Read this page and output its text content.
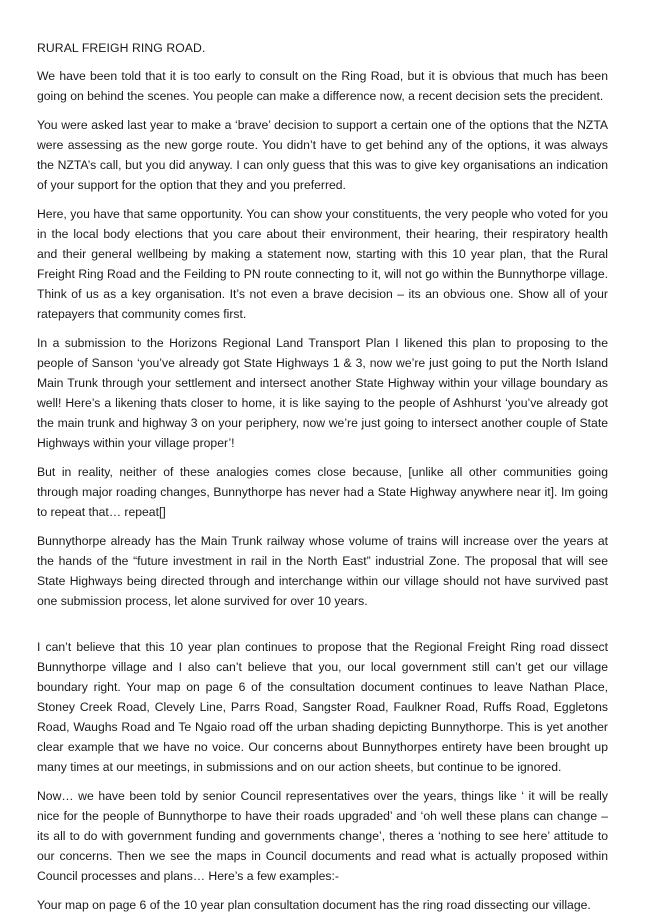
RURAL FREIGH RING ROAD.

We have been told that it is too early to consult on the Ring Road, but it is obvious that much has been going on behind the scenes. You people can make a difference now, a recent decision sets the precident.

You were asked last year to make a ‘brave’ decision to support a certain one of the options that the NZTA were assessing as the new gorge route. You didn’t have to get behind any of the options, it was always the NZTA’s call, but you did anyway. I can only guess that this was to give key organisations an indication of your support for the option that they and you preferred.

Here, you have that same opportunity. You can show your constituents, the very people who voted for you in the local body elections that you care about their environment, their hearing, their respiratory health and their general wellbeing by making a statement now, starting with this 10 year plan, that the Rural Freight Ring Road and the Feilding to PN route connecting to it, will not go within the Bunnythorpe village. Think of us as a key organisation. It’s not even a brave decision – its an obvious one. Show all of your ratepayers that community comes first.

In a submission to the Horizons Regional Land Transport Plan I likened this plan to proposing to the people of Sanson ‘you’ve already got State Highways 1 & 3, now we’re just going to put the North Island Main Trunk through your settlement and intersect another State Highway within your village boundary as well! Here’s a likening thats closer to home, it is like saying to the people of Ashhurst ‘you’ve already got the main trunk and highway 3 on your periphery, now we’re just going to intersect another couple of State Highways within your village proper’!

But in reality, neither of these analogies comes close because, [unlike all other communities going through major roading changes, Bunnythorpe has never had a State Highway anywhere near it]. Im going to repeat that… repeat[]

Bunnythorpe already has the Main Trunk railway whose volume of trains will increase over the years at the hands of the “future investment in rail in the North East” industrial Zone. The proposal that will see State Highways being directed through and interchange within our village should not have survived past one submission process, let alone survived for over 10 years.

I can’t believe that this 10 year plan continues to propose that the Regional Freight Ring road dissect Bunnythorpe village and I also can’t believe that you, our local government still can’t get our village boundary right. Your map on page 6 of the consultation document continues to leave Nathan Place, Stoney Creek Road, Clevely Line, Parrs Road, Sangster Road, Faulkner Road, Ruffs Road, Eggletons Road, Waughs Road and Te Ngaio road off the urban shading depicting Bunnythorpe. This is yet another clear example that we have no voice. Our concerns about Bunnythorpes entirety have been brought up many times at our meetings, in submissions and on our action sheets, but continue to be ignored.

Now… we have been told by senior Council representatives over the years, things like ‘ it will be really nice for the people of Bunnythorpe to have their roads upgraded’ and ‘oh well these plans can change – its all to do with government funding and governments change’, theres a ‘nothing to see here’ attitude to our concerns. Then we see the maps in Council documents and read what is actually proposed within Council processes and plans… Here’s a few examples:-

Your map on page 6 of the 10 year plan consultation document has the ring road dissecting our village.
